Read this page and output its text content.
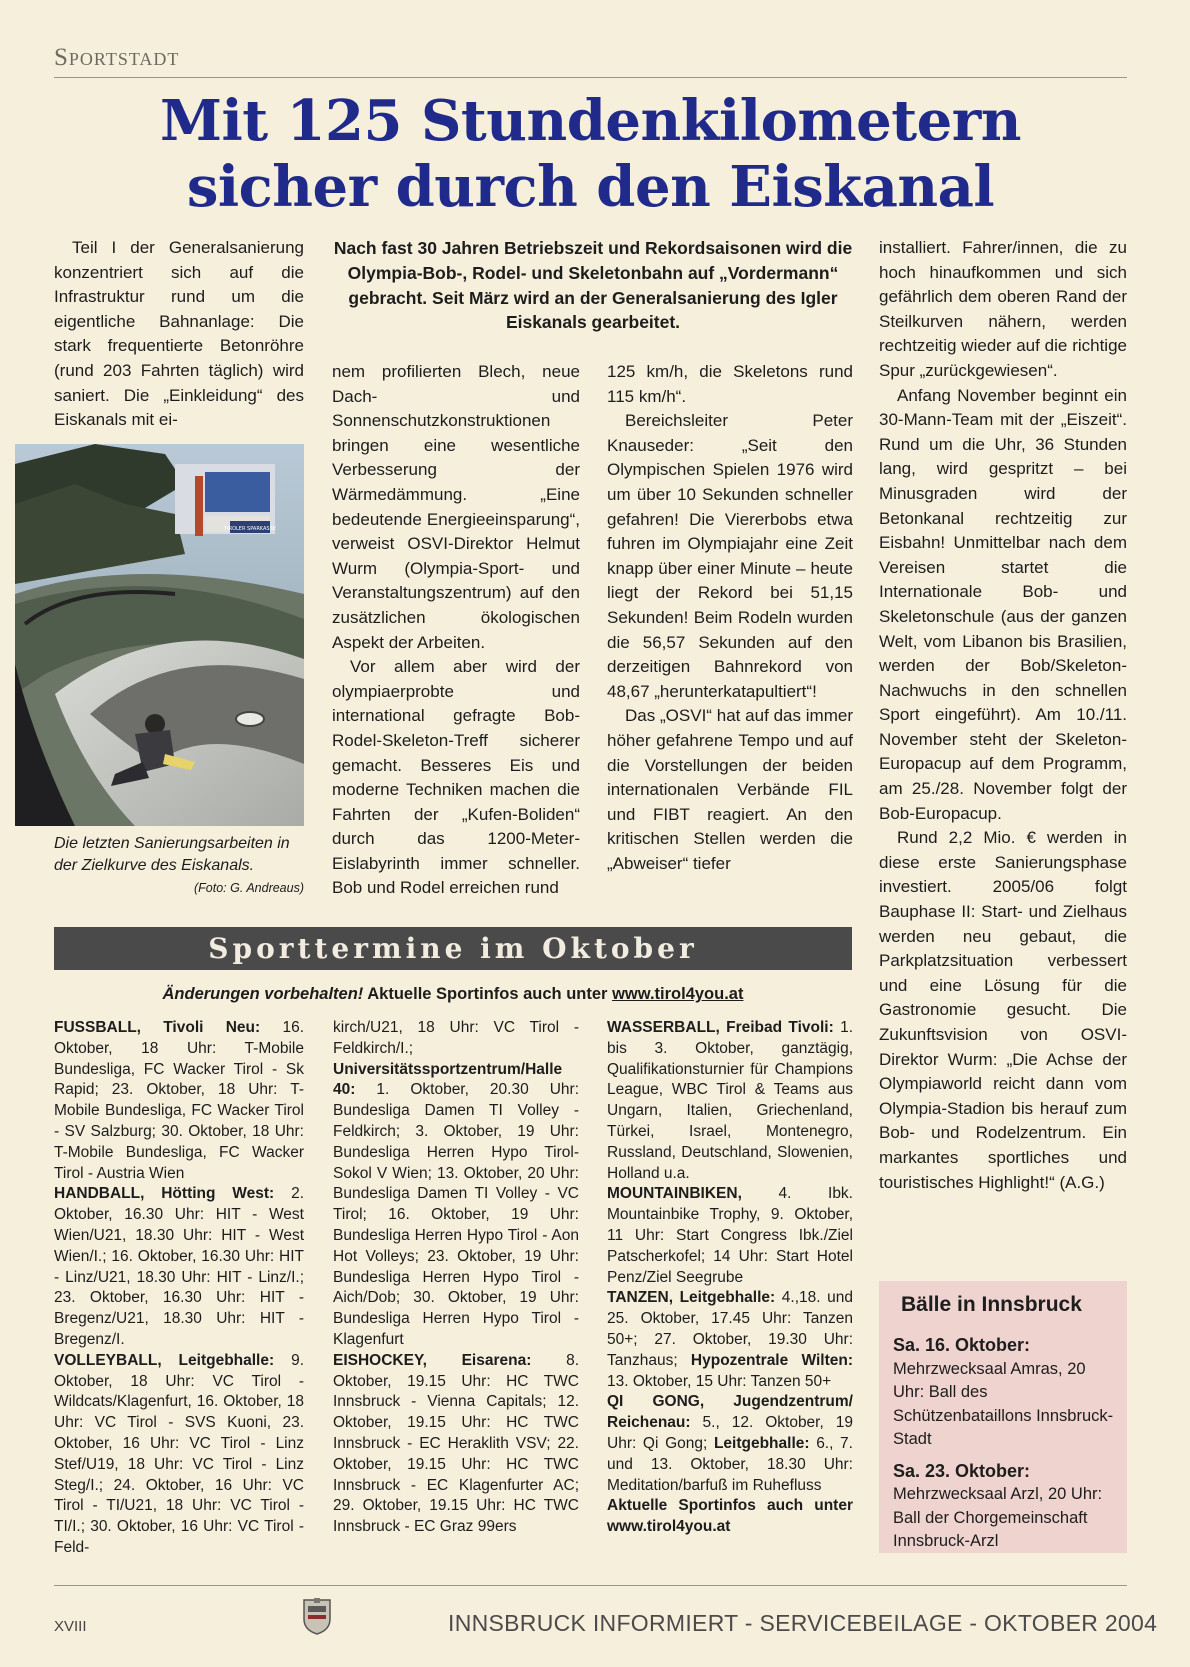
Sportstadt
Mit 125 Stundenkilometern
sicher durch den Eiskanal

Teil I der Generalsanierung konzentriert sich auf die Infrastruktur rund um die eigentliche Bahnanlage: Die stark frequentierte Betonröhre (rund 203 Fahrten täglich) wird saniert. Die „Einkleidung“ des Eiskanals mit ei-

TIROLER SPARKASSE
Die letzten Sanierungsarbeiten in der Zielkurve des Eiskanals.
(Foto: G. Andreaus)
Nach fast 30 Jahren Betriebszeit und Rekordsaisonen wird die Olympia-Bob-, Rodel- und Skeletonbahn auf „Vordermann“ gebracht. Seit März wird an der Generalsanierung des Igler Eiskanals gearbeitet.

nem profilierten Blech, neue Dach- und Sonnenschutzkonstruktionen bringen eine wesentliche Verbesserung der Wärmedämmung. „Eine bedeutende Energieeinsparung“, verweist OSVI-Direktor Helmut Wurm (Olympia-Sport- und Veranstaltungszentrum) auf den zusätzlichen ökologischen Aspekt der Arbeiten.

Vor allem aber wird der olympiaerprobte und international gefragte Bob-Rodel-Skeleton-Treff sicherer gemacht. Besseres Eis und moderne Techniken machen die Fahrten der „Kufen-Boliden“ durch das 1200-Meter-Eislabyrinth immer schneller. Bob und Rodel erreichen rund

125 km/h, die Skeletons rund 115 km/h“.

Bereichsleiter Peter Knauseder: „Seit den Olympischen Spielen 1976 wird um über 10 Sekunden schneller gefahren! Die Viererbobs etwa fuhren im Olympiajahr eine Zeit knapp über einer Minute – heute liegt der Rekord bei 51,15 Sekunden! Beim Rodeln wurden die 56,57 Sekunden auf den derzeitigen Bahnrekord von 48,67 „herunterkatapultiert“!

Das „OSVI“ hat auf das immer höher gefahrene Tempo und auf die Vorstellungen der beiden internationalen Verbände FIL und FIBT reagiert. An den kritischen Stellen werden die „Abweiser“ tiefer

installiert. Fahrer/innen, die zu hoch hinaufkommen und sich gefährlich dem oberen Rand der Steilkurven nähern, werden rechtzeitig wieder auf die richtige Spur „zurückgewiesen“.

Anfang November beginnt ein 30-Mann-Team mit der „Eiszeit“. Rund um die Uhr, 36 Stunden lang, wird gespritzt – bei Minusgraden wird der Betonkanal rechtzeitig zur Eisbahn! Unmittelbar nach dem Vereisen startet die Internationale Bob- und Skeletonschule (aus der ganzen Welt, vom Libanon bis Brasilien, werden der Bob/Skeleton-Nachwuchs in den schnellen Sport eingeführt). Am 10./11. November steht der Skeleton-Europacup auf dem Programm, am 25./28. November folgt der Bob-Europacup.

Rund 2,2 Mio. € werden in diese erste Sanierungsphase investiert. 2005/06 folgt Bauphase II: Start- und Zielhaus werden neu gebaut, die Parkplatzsituation verbessert und eine Lösung für die Gastronomie gesucht. Die Zukunftsvision von OSVI-Direktor Wurm: „Die Achse der Olympiaworld reicht dann vom Olympia-Stadion bis herauf zum Bob- und Rodelzentrum. Ein markantes sportliches und touristisches Highlight!“ (A.G.)

Sporttermine im Oktober
Änderungen vorbehalten! Aktuelle Sportinfos auch unter www.tirol4you.at
FUSSBALL, Tivoli Neu: 16. Oktober, 18 Uhr: T-Mobile Bundesliga, FC Wacker Tirol - Sk Rapid; 23. Oktober, 18 Uhr: T-Mobile Bundesliga, FC Wacker Tirol - SV Salzburg; 30. Oktober, 18 Uhr: T-Mobile Bundesliga, FC Wacker Tirol - Austria Wien
HANDBALL, Hötting West: 2. Oktober, 16.30 Uhr: HIT - West Wien/U21, 18.30 Uhr: HIT - West Wien/I.; 16. Oktober, 16.30 Uhr: HIT - Linz/U21, 18.30 Uhr: HIT - Linz/I.; 23. Oktober, 16.30 Uhr: HIT - Bregenz/U21, 18.30 Uhr: HIT - Bregenz/I.
VOLLEYBALL, Leitgebhalle: 9. Oktober, 18 Uhr: VC Tirol - Wildcats/Klagenfurt, 16. Oktober, 18 Uhr: VC Tirol - SVS Kuoni, 23. Oktober, 16 Uhr: VC Tirol - Linz Stef/U19, 18 Uhr: VC Tirol - Linz Steg/I.; 24. Oktober, 16 Uhr: VC Tirol - TI/U21, 18 Uhr: VC Tirol - TI/I.; 30. Oktober, 16 Uhr: VC Tirol - Feld-
kirch/U21, 18 Uhr: VC Tirol - Feldkirch/I.; Universitätssportzentrum/Halle 40: 1. Oktober, 20.30 Uhr: Bundesliga Damen TI Volley - Feldkirch; 3. Oktober, 19 Uhr: Bundesliga Herren Hypo Tirol- Sokol V Wien; 13. Oktober, 20 Uhr: Bundesliga Damen TI Volley - VC Tirol; 16. Oktober, 19 Uhr: Bundesliga Herren Hypo Tirol - Aon Hot Volleys; 23. Oktober, 19 Uhr: Bundesliga Herren Hypo Tirol - Aich/Dob; 30. Oktober, 19 Uhr: Bundesliga Herren Hypo Tirol - Klagenfurt
EISHOCKEY, Eisarena: 8. Oktober, 19.15 Uhr: HC TWC Innsbruck - Vienna Capitals; 12. Oktober, 19.15 Uhr: HC TWC Innsbruck - EC Heraklith VSV; 22. Oktober, 19.15 Uhr: HC TWC Innsbruck - EC Klagenfurter AC; 29. Oktober, 19.15 Uhr: HC TWC Innsbruck - EC Graz 99ers
WASSERBALL, Freibad Tivoli: 1. bis 3. Oktober, ganztägig, Qualifikationsturnier für Champions League, WBC Tirol & Teams aus Ungarn, Italien, Griechenland, Türkei, Israel, Montenegro, Russland, Deutschland, Slowenien, Holland u.a.
MOUNTAINBIKEN, 4. Ibk. Mountainbike Trophy, 9. Oktober, 11 Uhr: Start Congress Ibk./Ziel Patscherkofel; 14 Uhr: Start Hotel Penz/Ziel Seegrube
TANZEN, Leitgebhalle: 4.,18. und 25. Oktober, 17.45 Uhr: Tanzen 50+; 27. Oktober, 19.30 Uhr: Tanzhaus; Hypozentrale Wilten: 13. Oktober, 15 Uhr: Tanzen 50+
QI GONG, Jugendzentrum/ Reichenau: 5., 12. Oktober, 19 Uhr: Qi Gong; Leitgebhalle: 6., 7. und 13. Oktober, 18.30 Uhr: Meditation/barfuß im Ruhefluss
Aktuelle Sportinfos auch unter www.tirol4you.at
Bälle in Innsbruck
Sa. 16. Oktober:
Mehrzwecksaal Amras, 20 Uhr: Ball des Schützenbataillons Innsbruck-Stadt
Sa. 23. Oktober:
Mehrzwecksaal Arzl, 20 Uhr: Ball der Chorgemeinschaft Innsbruck-Arzl
XVIII	INNSBRUCK INFORMIERT - SERVICEBEILAGE - OKTOBER 2004
